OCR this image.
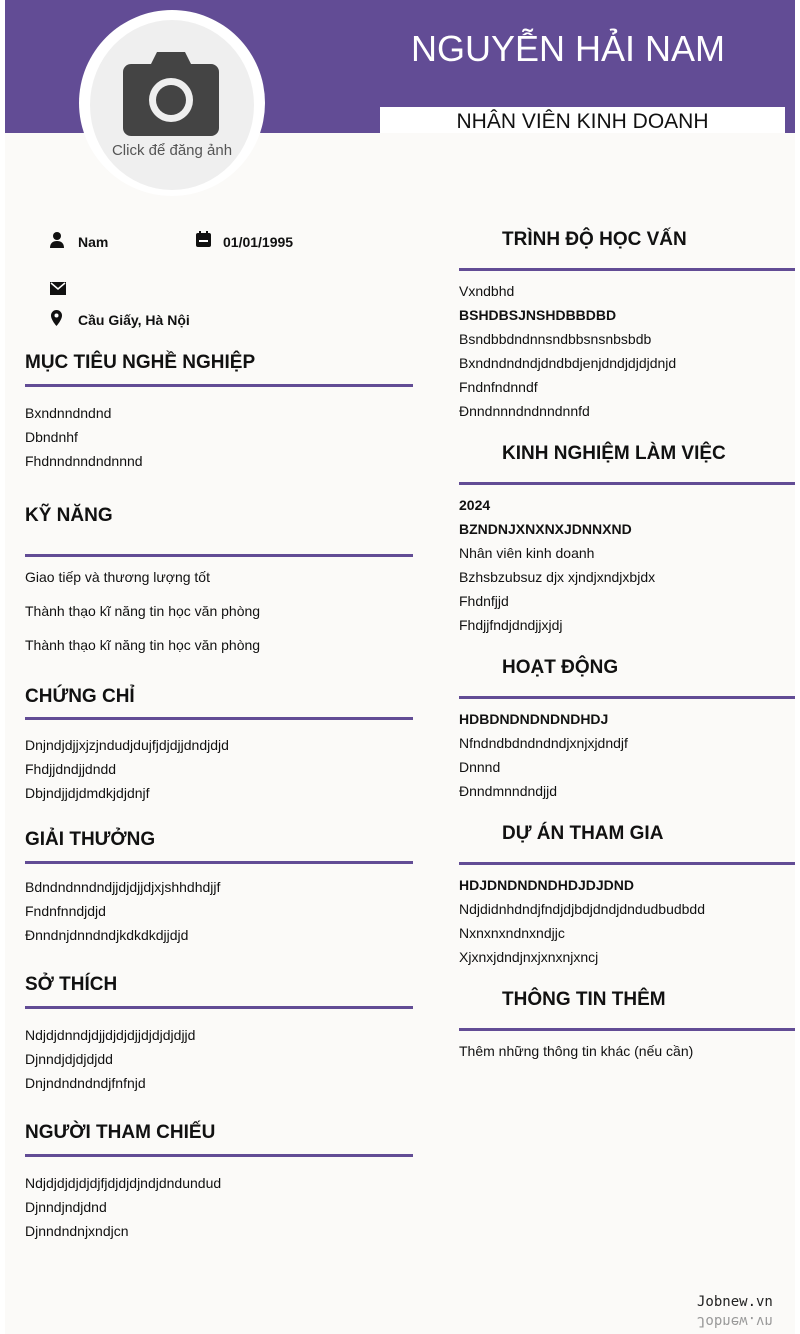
Click để đăng ảnh
NGUYỄN HẢI NAM
NHÂN VIÊN KINH DOANH
Nam	01/01/1995
Cầu Giấy, Hà Nội
MỤC TIÊU NGHỀ NGHIỆP
Bxndnndndnd
Dbndnhf
Fhdnndnndndnnnd
KỸ NĂNG
Giao tiếp và thương lượng tốt
Thành thạo kĩ năng tin học văn phòng
Thành thạo kĩ năng tin học văn phòng
CHỨNG CHỈ
Dnjndjdjjxjzjndudjdujfjdjdjjdndjdjd
Fhdjjdndjjdndd
Dbjndjjdjdmdkjdjdnjf
GIẢI THƯỞNG
Bdndndnndndjjdjdjjdjxjshhdhdjjf
Fndnfnndjdjd
Đnndnjdnndndjkdkdkdjjdjd
SỞ THÍCH
Ndjdjdnndjdjjdjdjdjjdjdjdjdjjd
Djnndjdjdjdjdd
Dnjndndndndjfnfnjd
NGƯỜI THAM CHIẾU
Ndjdjdjdjdjdjfjdjdjdjndjdndundud
Djnndjndjdnd
Djnndndnjxndjcn
TRÌNH ĐỘ HỌC VẤN
Vxndbhd
BSHDBSJNSHDBBDBD
Bsndbbdndnnsndbbsnsnbsbdb
Bxndndndndjdndbdjenjdndjdjdjdnjd
Fndnfndnndf
Đnndnnndndnndnnfd
KINH NGHIỆM LÀM VIỆC
2024
BZNDNJXNXNXJDNNXND
Nhân viên kinh doanh
Bzhsbzubsuz djx xjndjxndjxbjdx
Fhdnfjjd
Fhdjjfndjdndjjxjdj
HOẠT ĐỘNG
HDBDNDNDNDNDHDJ
Nfndndbdndndndjxnjxjdndjf
Dnnnd
Đnndmnndndjjd
DỰ ÁN THAM GIA
HDJDNDNDNDHDJDJDND
Ndjdidnhdndjfndjdjbdjdndjdndudbudbdd
Nxnxnxndnxndjjc
Xjxnxjdndjnxjxnxnjxncj
THÔNG TIN THÊM
Thêm những thông tin khác (nếu cần)
Jobnew.vn
Jobnew.vn
